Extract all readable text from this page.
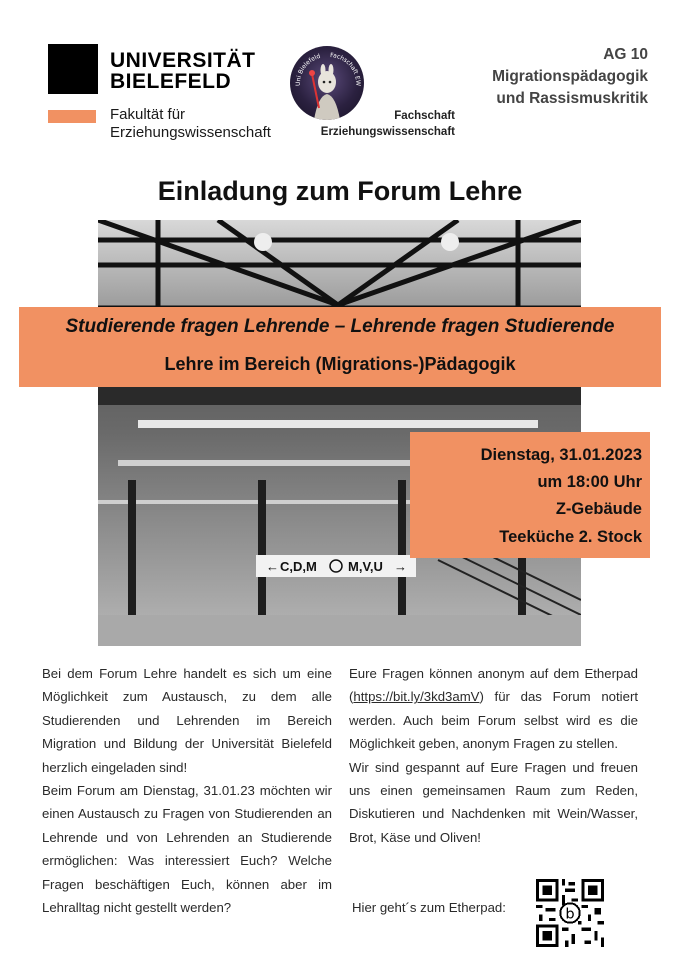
UNIVERSITÄT
BIELEFELD
Fakultät für
Erziehungswissenschaft
Uni Bielefeld Fachschaft EW
Fachschaft
Erziehungswissenschaft
AG 10
Migrationspädagogik
und Rassismuskritik
Einladung zum Forum Lehre
← C,D,M M,V,U →
Studierende fragen Lehrende – Lehrende fragen Studierende
Lehre im Bereich (Migrations-)Pädagogik
Dienstag, 31.01.2023
um 18:00 Uhr
Z-Gebäude
Teeküche 2. Stock

Bei dem Forum Lehre handelt es sich um eine Möglichkeit zum Austausch, zu dem alle Studierenden und Lehrenden im Bereich Migration und Bildung der Universität Bielefeld herzlich eingeladen sind!

Beim Forum am Dienstag, 31.01.23 möchten wir einen Austausch zu Fragen von Studierenden an Lehrende und von Lehrenden an Studierende ermöglichen: Was interessiert Euch? Welche Fragen beschäftigen Euch, können aber im Lehralltag nicht gestellt werden?

Eure Fragen können anonym auf dem Etherpad (https://bit.ly/3kd3amV) für das Forum notiert werden. Auch beim Forum selbst wird es die Möglichkeit geben, anonym Fragen zu stellen.

Wir sind gespannt auf Eure Fragen und freuen uns einen gemeinsamen Raum zum Reden, Diskutieren und Nachdenken mit Wein/Wasser, Brot, Käse und Oliven!

Hier geht´s zum Etherpad:	b
